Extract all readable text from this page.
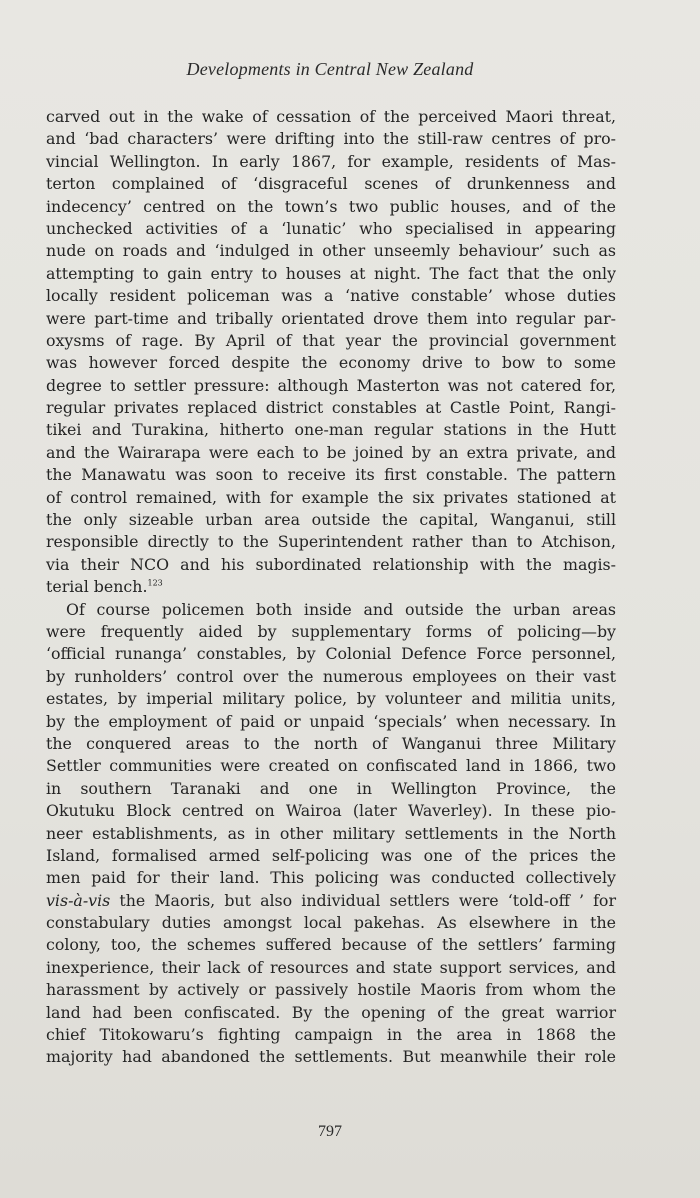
Developments in Central New Zealand
carved out in the wake of cessation of the perceived Maori threat,
and ‘bad characters’ were drifting into the still-raw centres of pro-
vincial Wellington. In early 1867, for example, residents of Mas-
terton complained of ‘disgraceful scenes of drunkenness and
indecency’ centred on the town’s two public houses, and of the
unchecked activities of a ‘lunatic’ who specialised in appearing
nude on roads and ‘indulged in other unseemly behaviour’ such as
attempting to gain entry to houses at night. The fact that the only
locally resident policeman was a ‘native constable’ whose duties
were part-time and tribally orientated drove them into regular par-
oxysms of rage. By April of that year the provincial government
was however forced despite the economy drive to bow to some
degree to settler pressure: although Masterton was not catered for,
regular privates replaced district constables at Castle Point, Rangi-
tikei and Turakina, hitherto one-man regular stations in the Hutt
and the Wairarapa were each to be joined by an extra private, and
the Manawatu was soon to receive its first constable. The pattern
of control remained, with for example the six privates stationed at
the only sizeable urban area outside the capital, Wanganui, still
responsible directly to the Superintendent rather than to Atchison,
via their NCO and his subordinated relationship with the magis-
terial bench.$^{123}$
Of course policemen both inside and outside the urban areas
were frequently aided by supplementary forms of policing—by
‘official runanga’ constables, by Colonial Defence Force personnel,
by runholders’ control over the numerous employees on their vast
estates, by imperial military police, by volunteer and militia units,
by the employment of paid or unpaid ‘specials’ when necessary. In
the conquered areas to the north of Wanganui three Military
Settler communities were created on confiscated land in 1866, two
in southern Taranaki and one in Wellington Province, the
Okutuku Block centred on Wairoa (later Waverley). In these pio-
neer establishments, as in other military settlements in the North
Island, formalised armed self-policing was one of the prices the
men paid for their land. This policing was conducted collectively
vis-à-vis the Maoris, but also individual settlers were ‘told-off ’ for
constabulary duties amongst local pakehas. As elsewhere in the
colony, too, the schemes suffered because of the settlers’ farming
inexperience, their lack of resources and state support services, and
harassment by actively or passively hostile Maoris from whom the
land had been confiscated. By the opening of the great warrior
chief Titokowaru’s fighting campaign in the area in 1868 the
majority had abandoned the settlements. But meanwhile their role
797
